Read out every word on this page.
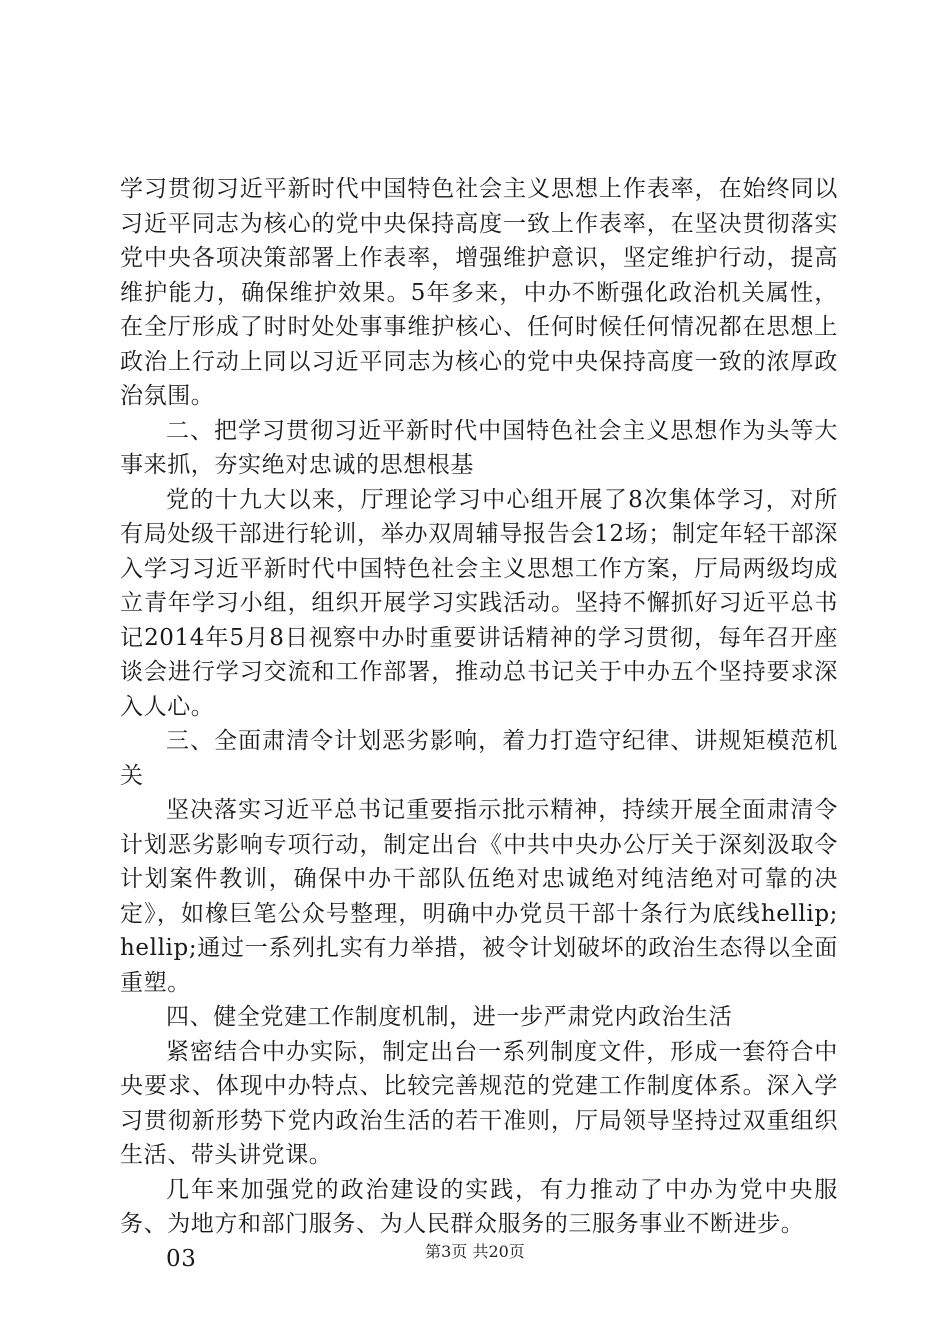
学习贯彻习近平新时代中国特色社会主义思想上作表率，在始终同以习近平同志为核心的党中央保持高度一致上作表率，在坚决贯彻落实党中央各项决策部署上作表率，增强维护意识，坚定维护行动，提高维护能力，确保维护效果。5年多来，中办不断强化政治机关属性，在全厅形成了时时处处事事维护核心、任何时候任何情况都在思想上政治上行动上同以习近平同志为核心的党中央保持高度一致的浓厚政治氛围。

二、把学习贯彻习近平新时代中国特色社会主义思想作为头等大事来抓，夯实绝对忠诚的思想根基

党的十九大以来，厅理论学习中心组开展了8次集体学习，对所有局处级干部进行轮训，举办双周辅导报告会12场；制定年轻干部深入学习习近平新时代中国特色社会主义思想工作方案，厅局两级均成立青年学习小组，组织开展学习实践活动。坚持不懈抓好习近平总书记2014年5月8日视察中办时重要讲话精神的学习贯彻，每年召开座谈会进行学习交流和工作部署，推动总书记关于中办五个坚持要求深入人心。

三、全面肃清令计划恶劣影响，着力打造守纪律、讲规矩模范机关

坚决落实习近平总书记重要指示批示精神，持续开展全面肃清令计划恶劣影响专项行动，制定出台《中共中央办公厅关于深刻汲取令计划案件教训，确保中办干部队伍绝对忠诚绝对纯洁绝对可靠的决定》，如橡巨笔公众号整理，明确中办党员干部十条行为底线hellip;hellip;通过一系列扎实有力举措，被令计划破坏的政治生态得以全面重塑。

四、健全党建工作制度机制，进一步严肃党内政治生活

紧密结合中办实际，制定出台一系列制度文件，形成一套符合中央要求、体现中办特点、比较完善规范的党建工作制度体系。深入学习贯彻新形势下党内政治生活的若干准则，厅局领导坚持过双重组织生活、带头讲党课。

几年来加强党的政治建设的实践，有力推动了中办为党中央服务、为地方和部门服务、为人民群众服务的三服务事业不断进步。

03	第3页 共20页
